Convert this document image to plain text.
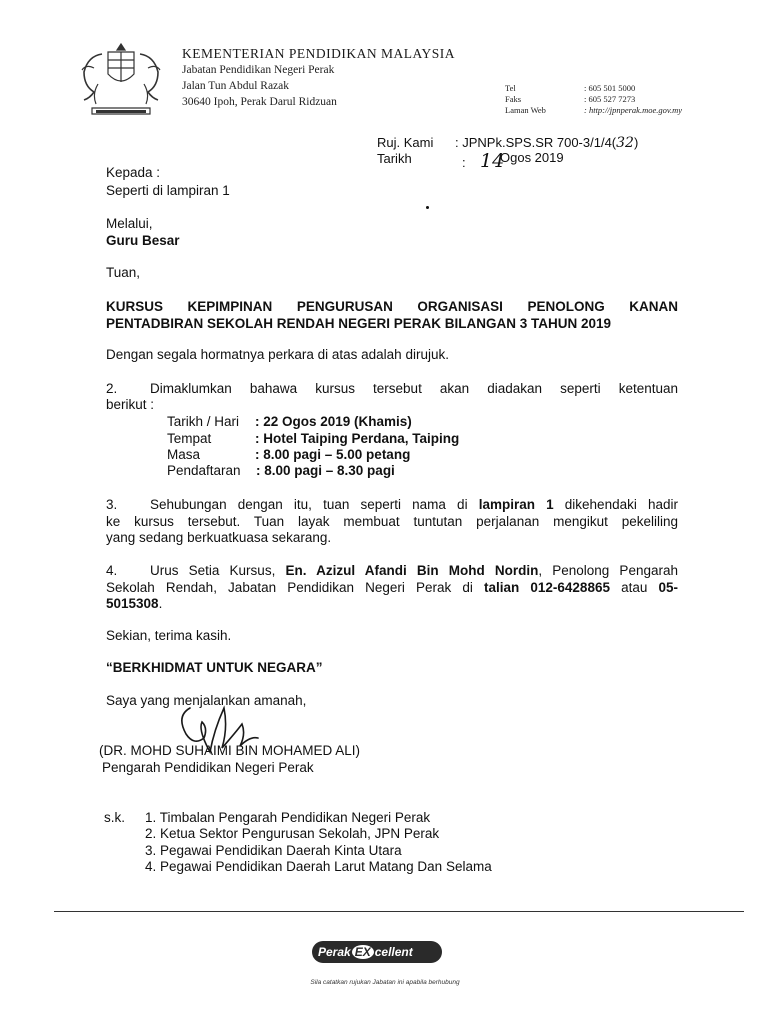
KEMENTERIAN PENDIDIKAN MALAYSIA
Jabatan Pendidikan Negeri Perak
Jalan Tun Abdul Razak
30640 Ipoh, Perak Darul Ridzuan
Tel	: 605 501 5000
Faks	: 605 527 7273
Laman Web	: http://jpnperak.moe.gov.my
Ruj. Kami : JPNPk.SPS.SR 700-3/1/4(32)
Tarikh	: 14
Ogos 2019
Kepada :
Seperti di lampiran 1
Melalui,
Guru Besar
Tuan,
KURSUS KEPIMPINAN PENGURUSAN ORGANISASI PENOLONG KANAN
PENTADBIRAN SEKOLAH RENDAH NEGERI PERAK BILANGAN 3 TAHUN 2019
Dengan segala hormatnya perkara di atas adalah dirujuk.
2. Dimaklumkan bahawa kursus tersebut akan diadakan seperti ketentuan
berikut :
Tarikh / Hari : 22 Ogos 2019 (Khamis)
Tempat	: Hotel Taiping Perdana, Taiping
Masa	: 8.00 pagi – 5.00 petang
Pendaftaran : 8.00 pagi – 8.30 pagi
3. Sehubungan dengan itu, tuan seperti nama di lampiran 1 dikehendaki hadir
ke kursus tersebut. Tuan layak membuat tuntutan perjalanan mengikut pekeliling
yang sedang berkuatkuasa sekarang.
4. Urus Setia Kursus, En. Azizul Afandi Bin Mohd Nordin, Penolong Pengarah
Sekolah Rendah, Jabatan Pendidikan Negeri Perak di talian 012-6428865 atau 05-
5015308.
Sekian, terima kasih.
“BERKHIDMAT UNTUK NEGARA”
Saya yang menjalankan amanah,
(DR. MOHD SUHAIMI BIN MOHAMED ALI)
Pengarah Pendidikan Negeri Perak
s.k. 1. Timbalan Pengarah Pendidikan Negeri Perak
2. Ketua Sektor Pengurusan Sekolah, JPN Perak
3. Pegawai Pendidikan Daerah Kinta Utara
4. Pegawai Pendidikan Daerah Larut Matang Dan Selama
Perak EX cellent
Sila catatkan rujukan Jabatan ini apabila berhubung
